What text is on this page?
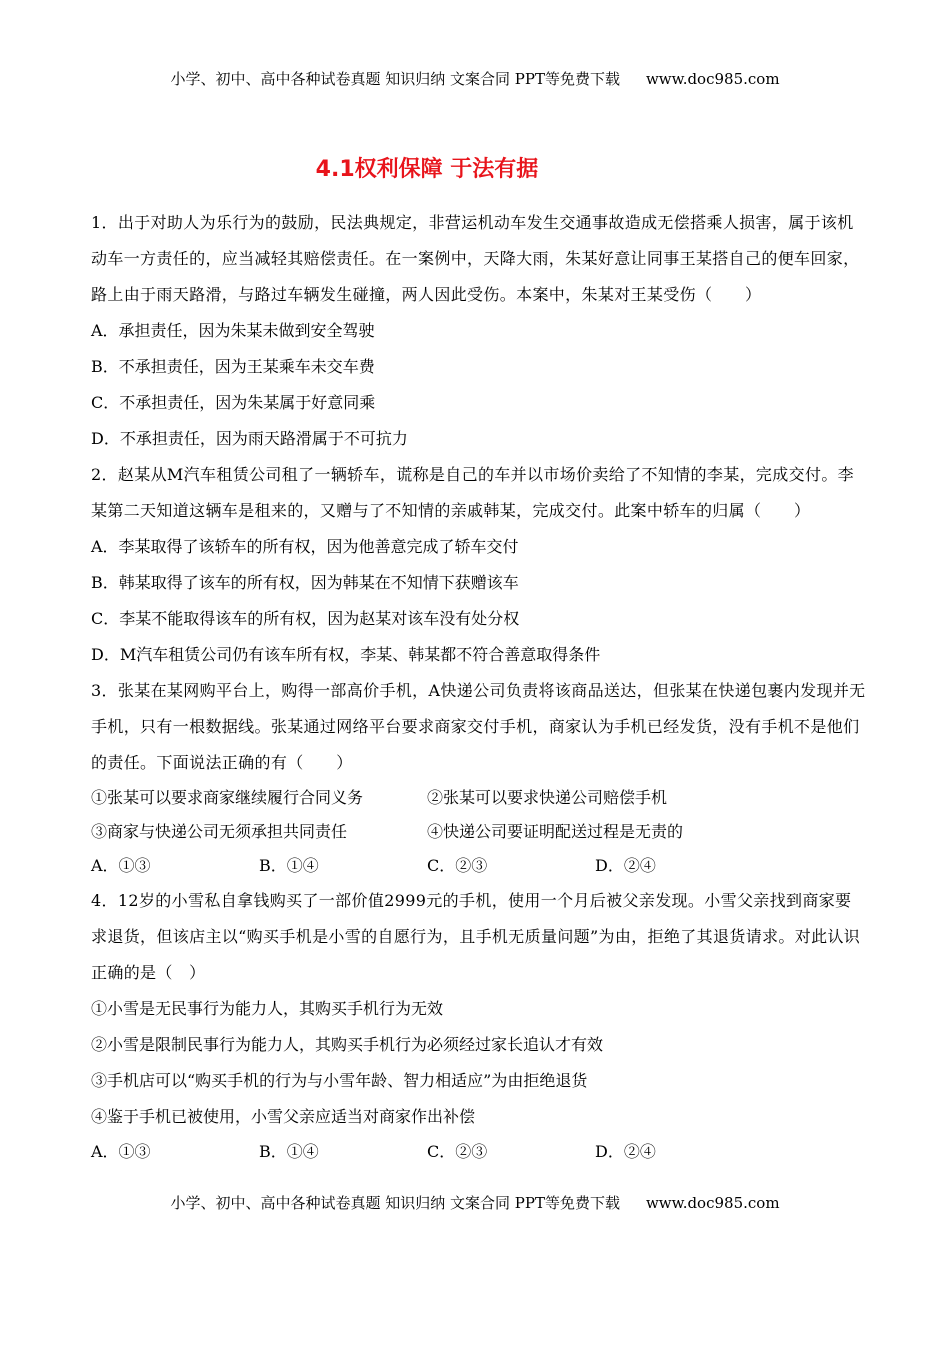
小学、初中、高中各种试卷真题 知识归纳 文案合同 PPT等免费下载 www.doc985.com
4.1权利保障 于法有据

1．出于对助人为乐行为的鼓励，民法典规定，非营运机动车发生交通事故造成无偿搭乘人损害，属于该机动车一方责任的，应当减轻其赔偿责任。在一案例中，天降大雨，朱某好意让同事王某搭自己的便车回家，路上由于雨天路滑，与路过车辆发生碰撞，两人因此受伤。本案中，朱某对王某受伤（　　）

A．承担责任，因为朱某未做到安全驾驶
B．不承担责任，因为王某乘车未交车费
C．不承担责任，因为朱某属于好意同乘
D．不承担责任，因为雨天路滑属于不可抗力

2．赵某从M汽车租赁公司租了一辆轿车，谎称是自己的车并以市场价卖给了不知情的李某，完成交付。李某第二天知道这辆车是租来的，又赠与了不知情的亲戚韩某，完成交付。此案中轿车的归属（　　）

A．李某取得了该轿车的所有权，因为他善意完成了轿车交付
B．韩某取得了该车的所有权，因为韩某在不知情下获赠该车
C．李某不能取得该车的所有权，因为赵某对该车没有处分权
D．M汽车租赁公司仍有该车所有权，李某、韩某都不符合善意取得条件

3．张某在某网购平台上，购得一部高价手机，A快递公司负责将该商品送达，但张某在快递包裹内发现并无手机，只有一根数据线。张某通过网络平台要求商家交付手机，商家认为手机已经发货，没有手机不是他们的责任。下面说法正确的有（　　）

①张某可以要求商家继续履行合同义务	②张某可以要求快递公司赔偿手机
③商家与快递公司无须承担共同责任	④快递公司要证明配送过程是无责的
A．①③	B．①④	C．②③	D．②④

4．12岁的小雪私自拿钱购买了一部价值2999元的手机，使用一个月后被父亲发现。小雪父亲找到商家要求退货，但该店主以“购买手机是小雪的自愿行为，且手机无质量问题”为由，拒绝了其退货请求。对此认识正确的是（　）

①小雪是无民事行为能力人，其购买手机行为无效
②小雪是限制民事行为能力人，其购买手机行为必须经过家长追认才有效
③手机店可以“购买手机的行为与小雪年龄、智力相适应”为由拒绝退货
④鉴于手机已被使用，小雪父亲应适当对商家作出补偿
A．①③	B．①④	C．②③	D．②④
小学、初中、高中各种试卷真题 知识归纳 文案合同 PPT等免费下载 www.doc985.com
